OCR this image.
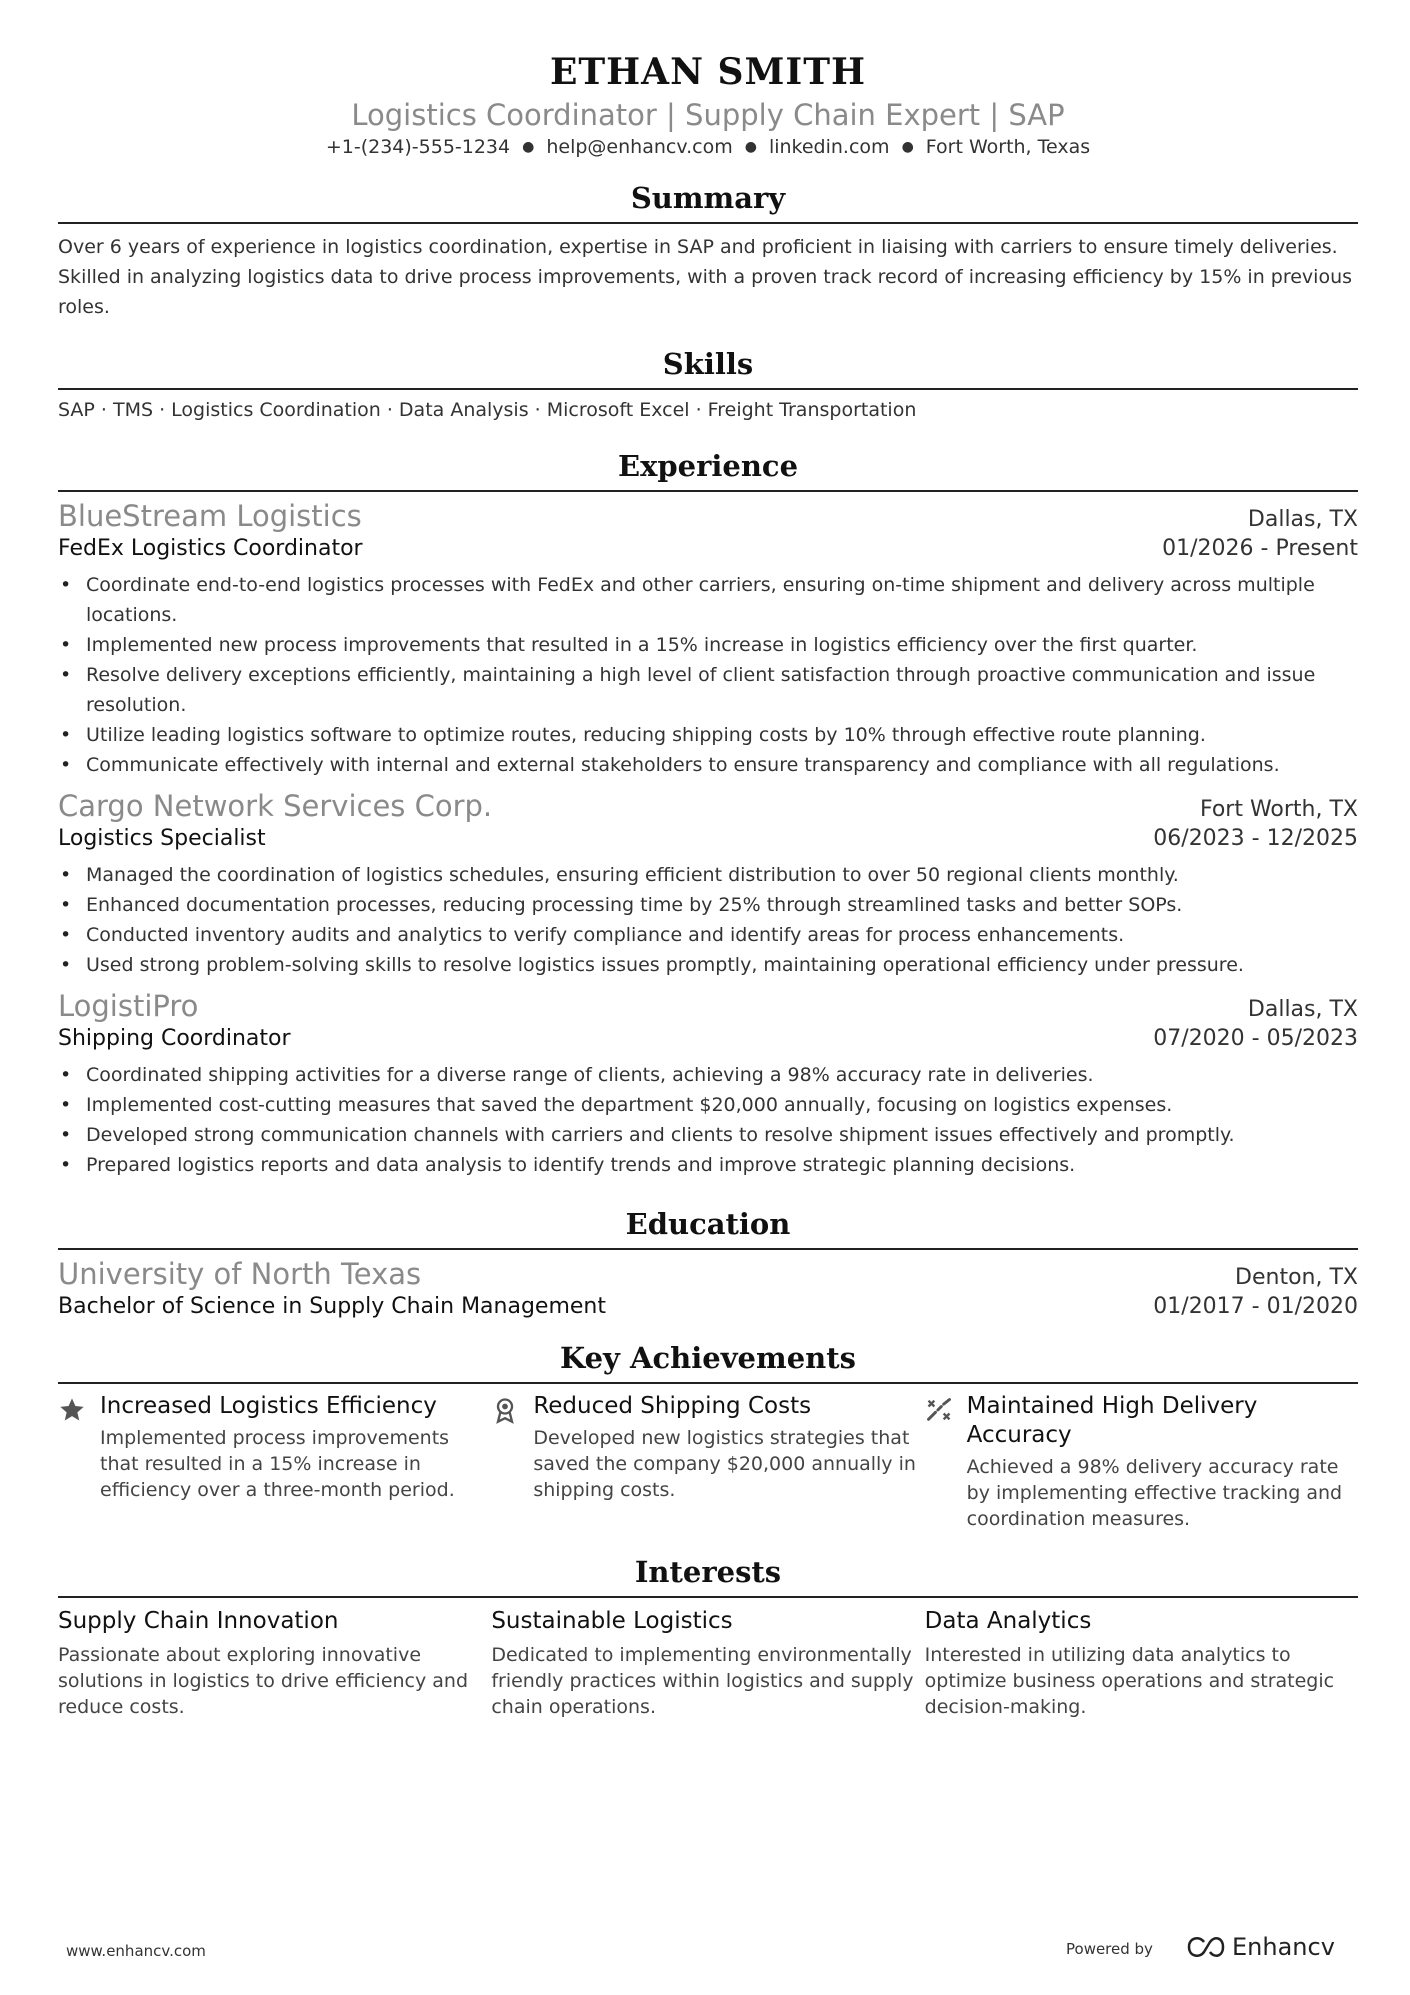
ETHAN SMITH
Logistics Coordinator | Supply Chain Expert | SAP
+1-(234)-555-1234 ● help@enhancv.com ● linkedin.com ● Fort Worth, Texas
Summary
Over 6 years of experience in logistics coordination, expertise in SAP and proficient in liaising with carriers to ensure timely deliveries. Skilled in analyzing logistics data to drive process improvements, with a proven track record of increasing efficiency by 15% in previous roles.
Skills
SAP · TMS · Logistics Coordination · Data Analysis · Microsoft Excel · Freight Transportation
Experience
BlueStream Logistics	Dallas, TX
FedEx Logistics Coordinator	01/2026 - Present
• Coordinate end-to-end logistics processes with FedEx and other carriers, ensuring on-time shipment and delivery across multiple locations.
• Implemented new process improvements that resulted in a 15% increase in logistics efficiency over the first quarter.
• Resolve delivery exceptions efficiently, maintaining a high level of client satisfaction through proactive communication and issue resolution.
• Utilize leading logistics software to optimize routes, reducing shipping costs by 10% through effective route planning.
• Communicate effectively with internal and external stakeholders to ensure transparency and compliance with all regulations.
Cargo Network Services Corp.	Fort Worth, TX
Logistics Specialist	06/2023 - 12/2025
• Managed the coordination of logistics schedules, ensuring efficient distribution to over 50 regional clients monthly.
• Enhanced documentation processes, reducing processing time by 25% through streamlined tasks and better SOPs.
• Conducted inventory audits and analytics to verify compliance and identify areas for process enhancements.
• Used strong problem-solving skills to resolve logistics issues promptly, maintaining operational efficiency under pressure.
LogistiPro	Dallas, TX
Shipping Coordinator	07/2020 - 05/2023
• Coordinated shipping activities for a diverse range of clients, achieving a 98% accuracy rate in deliveries.
• Implemented cost-cutting measures that saved the department $20,000 annually, focusing on logistics expenses.
• Developed strong communication channels with carriers and clients to resolve shipment issues effectively and promptly.
• Prepared logistics reports and data analysis to identify trends and improve strategic planning decisions.
Education
University of North Texas	Denton, TX
Bachelor of Science in Supply Chain Management	01/2017 - 01/2020
Key Achievements
Increased Logistics Efficiency
Implemented process improvements that resulted in a 15% increase in efficiency over a three-month period.
Reduced Shipping Costs
Developed new logistics strategies that saved the company $20,000 annually in shipping costs.
Maintained High Delivery Accuracy
Achieved a 98% delivery accuracy rate by implementing effective tracking and coordination measures.
Interests
Supply Chain Innovation
Passionate about exploring innovative solutions in logistics to drive efficiency and reduce costs.
Sustainable Logistics
Dedicated to implementing environmentally friendly practices within logistics and supply chain operations.
Data Analytics
Interested in utilizing data analytics to optimize business operations and strategic decision-making.
www.enhancv.com	Powered by	Enhancv
